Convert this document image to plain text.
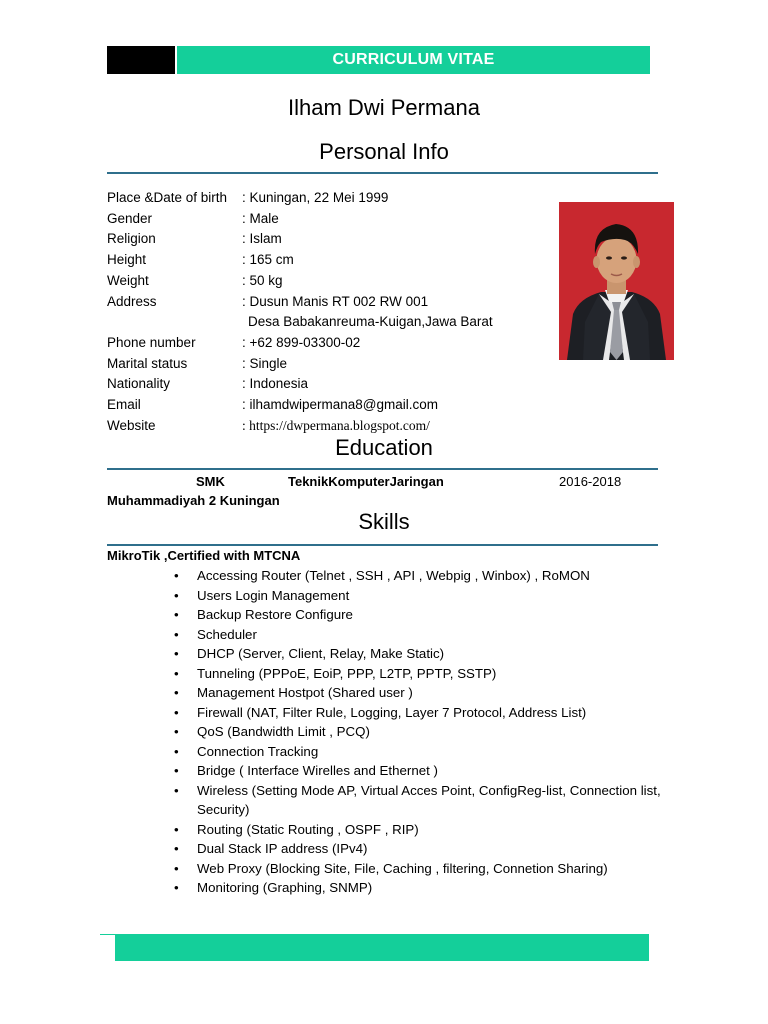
CURRICULUM VITAE
Ilham Dwi Permana
Personal Info
Place &Date of birth : Kuningan, 22 Mei 1999
Gender	: Male
Religion	: Islam
Height	: 165 cm
Weight	: 50 kg
Address	: Dusun Manis RT 002 RW 001
Desa Babakanreuma-Kuigan,Jawa Barat
Phone number	: +62 899-03300-02
Marital status	: Single
Nationality	: Indonesia
Email	: ilhamdwipermana8@gmail.com
Website	: https://dwpermana.blogspot.com/
Education
SMK	TeknikKomputerJaringan	2016-2018
Muhammadiyah 2 Kuningan
Skills
MikroTik ,Certified with MTCNA
• Accessing Router (Telnet , SSH , API , Webpig , Winbox) , RoMON
• Users Login Management
• Backup Restore Configure
• Scheduler
• DHCP (Server, Client, Relay, Make Static)
• Tunneling (PPPoE, EoiP, PPP, L2TP, PPTP, SSTP)
• Management Hostpot (Shared user )
• Firewall (NAT, Filter Rule, Logging, Layer 7 Protocol, Address List)
• QoS (Bandwidth Limit , PCQ)
• Connection Tracking
• Bridge ( Interface Wirelles and Ethernet )
• Wireless (Setting Mode AP, Virtual Acces Point, ConfigReg-list, Connection list, Security)
• Routing (Static Routing , OSPF , RIP)
• Dual Stack IP address (IPv4)
• Web Proxy (Blocking Site, File, Caching , filtering, Connetion Sharing)
• Monitoring (Graphing, SNMP)
